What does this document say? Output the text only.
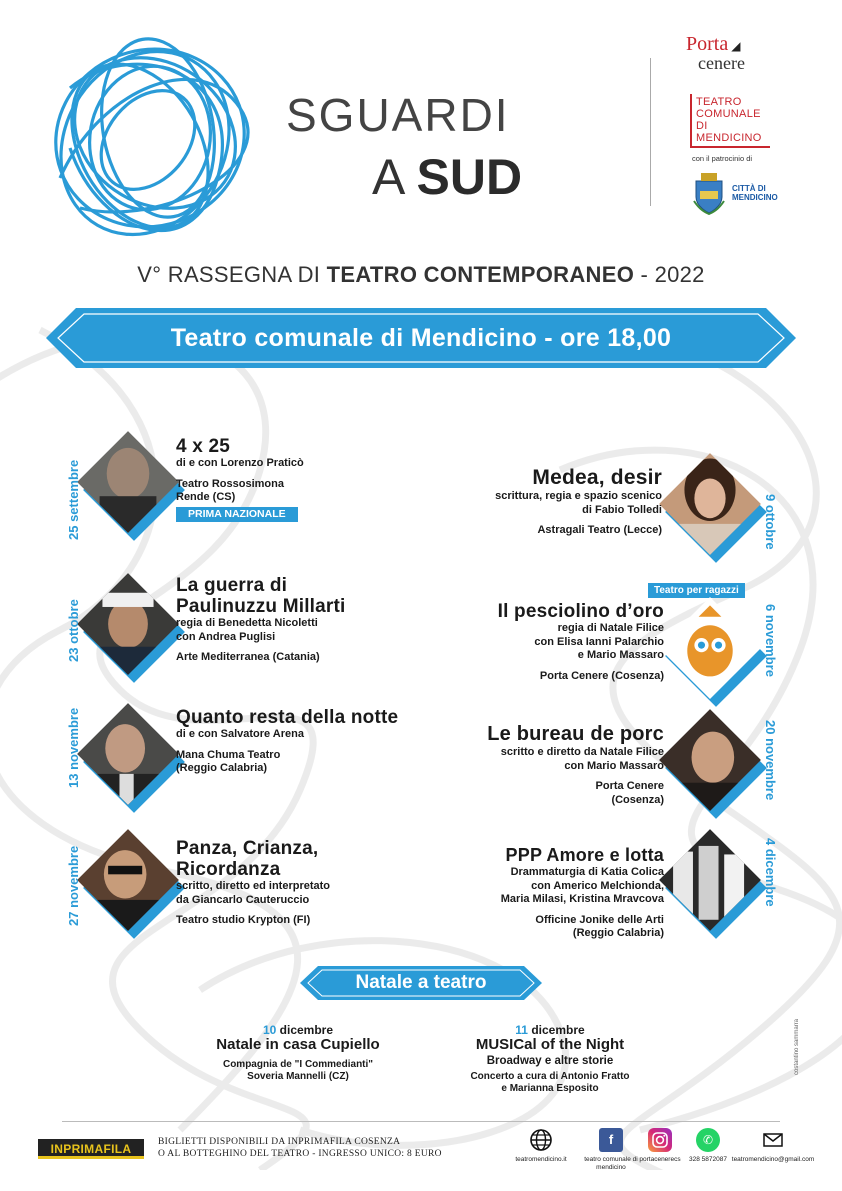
SGUARDI
A SUD
Porta ◢
cenere
TEATRO COMUNALE DI MENDICINO
con il patrocinio di
CITTÀ DI
MENDICINO
V° RASSEGNA DI TEATRO CONTEMPORANEO - 2022
Teatro comunale di Mendicino - ore 18,00
25 settembre
4 x 25
di e con Lorenzo Praticò
Teatro Rossosimona
Rende (CS)
PRIMA NAZIONALE
23 ottobre
La guerra di
Paulinuzzu Millarti
regia di Benedetta Nicoletti
con Andrea Puglisi
Arte Mediterranea (Catania)
13 novembre	Quanto resta della notte
di e con Salvatore Arena
Mana Chuma Teatro
(Reggio Calabria)
27 novembre	Panza, Crianza,
Ricordanza
scritto, diretto ed interpretato
da Giancarlo Cauteruccio
Teatro studio Krypton (FI)
9 ottobre
Medea, desir
scrittura, regia e spazio scenico
di Fabio Tolledi
Astragali Teatro (Lecce)
Teatro per ragazzi
6 novembre
Il pesciolino d’oro
regia di Natale Filice
con Elisa Ianni Palarchio
e Mario Massaro
Porta Cenere (Cosenza)
20 novembre
Le bureau de porc
scritto e diretto da Natale Filice
con Mario Massaro
Porta Cenere
(Cosenza)
4 dicembre
PPP Amore e lotta
Drammaturgia di Katia Colica
con Americo Melchionda,
Maria Milasi, Kristina Mravcova
Officine Jonike delle Arti
(Reggio Calabria)
Natale a teatro
10 dicembre
Natale in casa Cupiello
Compagnia de "I Commedianti"
Soveria Mannelli (CZ)
11 dicembre
MUSICal of the Night
Broadway e altre storie
Concerto a cura di Antonio Fratto
e Marianna Esposito
costantino sammarra
INPRIMAFILA	BIGLIETTI DISPONIBILI DA INPRIMAFILA COSENZA
O AL BOTTEGHINO DEL TEATRO - INGRESSO UNICO: 8 EURO
teatromendicino.it
f
teatro comunale di mendicino
portacenerecs
✆
328 5872087 teatromendicino@gmail.com
